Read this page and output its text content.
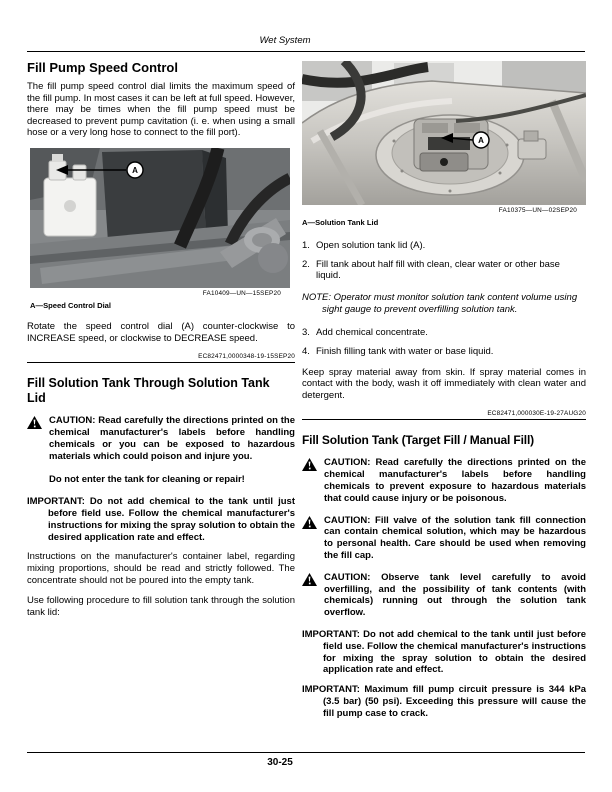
Wet System
Fill Pump Speed Control

The fill pump speed control dial limits the maximum speed of the fill pump. In most cases it can be left at full speed. However, there may be times when the fill pump speed must be decreased to prevent pump cavitation (i. e. when using a small hose or a very long hose to connect to the fill port).

A
FA10409—UN—15SEP20
A—Speed Control Dial

Rotate the speed control dial (A) counter-clockwise to INCREASE speed, or clockwise to DECREASE speed.

EC82471,0000348-19-15SEP20
Fill Solution Tank Through Solution Tank Lid

CAUTION: Read carefully the directions printed on the chemical manufacturer's labels before handling chemicals or you can be exposed to hazardous materials which could poison and injure you.

Do not enter the tank for cleaning or repair!

IMPORTANT: Do not add chemical to the tank until just before field use. Follow the chemical manufacturer's instructions for mixing the spray solution to obtain the desired application rate and effect.

Instructions on the manufacturer's container label, regarding mixing proportions, should be read and strictly followed. The concentrate should not be poured into the empty tank.

Use following procedure to fill solution tank through the solution tank lid:

A
FA10375—UN—02SEP20
A—Solution Tank Lid
1. Open solution tank lid (A).
2. Fill tank about half fill with clean, clear water or other base liquid.

NOTE: Operator must monitor solution tank content volume using sight gauge to prevent overfilling solution tank.

3. Add chemical concentrate.
4. Finish filling tank with water or base liquid.

Keep spray material away from skin. If spray material comes in contact with the body, wash it off immediately with clean water and detergent.

EC82471,000030E-19-27AUG20
Fill Solution Tank (Target Fill / Manual Fill)

CAUTION: Read carefully the directions printed on the chemical manufacturer's labels before handling chemicals to prevent exposure to hazardous materials that could cause injury or be poisonous.

CAUTION: Fill valve of the solution tank fill connection can contain chemical solution, which may be hazardous to personal health. Care should be used when removing the fill cap.

CAUTION: Observe tank level carefully to avoid overfilling, and the possibility of tank contents (with chemicals) running out through the solution tank overflow.

IMPORTANT: Do not add chemical to the tank until just before field use. Follow the chemical manufacturer's instructions for mixing the spray solution to obtain the desired application rate and effect.

IMPORTANT: Maximum fill pump circuit pressure is 344 kPa (3.5 bar) (50 psi). Exceeding this pressure will cause the fill pump case to crack.

30-25
